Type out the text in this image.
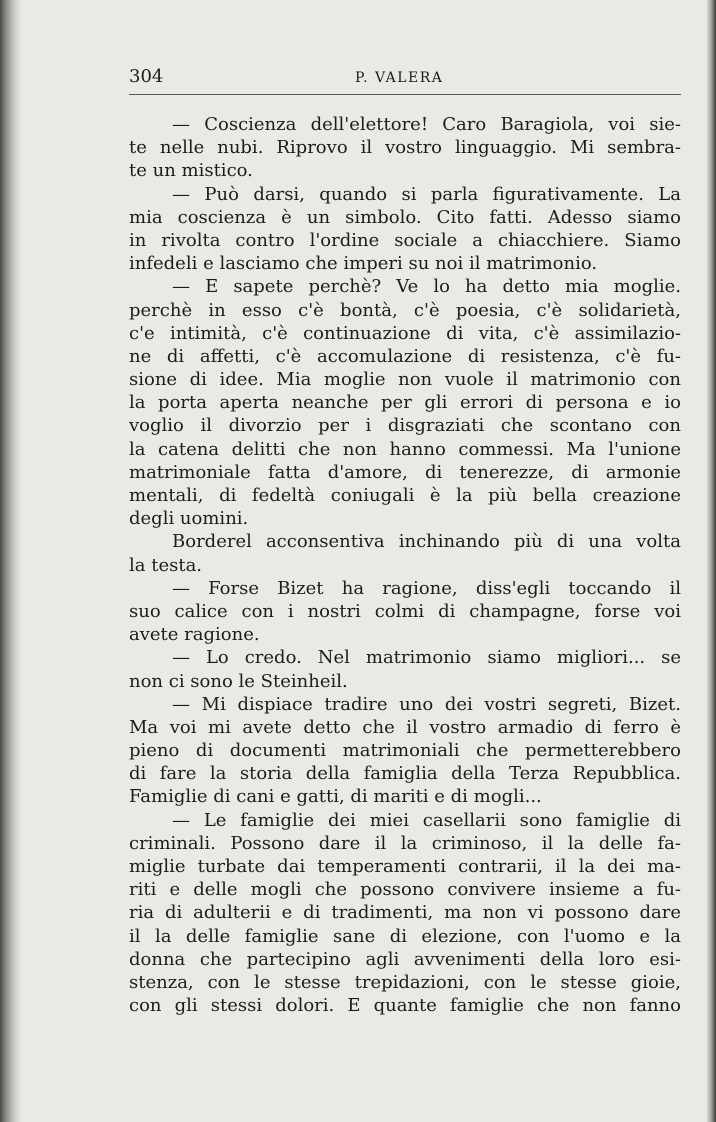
304	P. VALERA
— Coscienza dell'elettore! Caro Baragiola, voi sie-
te nelle nubi. Riprovo il vostro linguaggio. Mi sembra-
te un mistico.
— Può darsi, quando si parla figurativamente. La
mia coscienza è un simbolo. Cito fatti. Adesso siamo
in rivolta contro l'ordine sociale a chiacchiere. Siamo
infedeli e lasciamo che imperi su noi il matrimonio.
— E sapete perchè? Ve lo ha detto mia moglie.
perchè in esso c'è bontà, c'è poesia, c'è solidarietà,
c'e intimità, c'è continuazione di vita, c'è assimilazio-
ne di affetti, c'è accomulazione di resistenza, c'è fu-
sione di idee. Mia moglie non vuole il matrimonio con
la porta aperta neanche per gli errori di persona e io
voglio il divorzio per i disgraziati che scontano con
la catena delitti che non hanno commessi. Ma l'unione
matrimoniale fatta d'amore, di tenerezze, di armonie
mentali, di fedeltà coniugali è la più bella creazione
degli uomini.
Borderel acconsentiva inchinando più di una volta
la testa.
— Forse Bizet ha ragione, diss'egli toccando il
suo calice con i nostri colmi di champagne, forse voi
avete ragione.
— Lo credo. Nel matrimonio siamo migliori... se
non ci sono le Steinheil.
— Mi dispiace tradire uno dei vostri segreti, Bizet.
Ma voi mi avete detto che il vostro armadio di ferro è
pieno di documenti matrimoniali che permetterebbero
di fare la storia della famiglia della Terza Repubblica.
Famiglie di cani e gatti, di mariti e di mogli...
— Le famiglie dei miei casellarii sono famiglie di
criminali. Possono dare il la criminoso, il la delle fa-
miglie turbate dai temperamenti contrarii, il la dei ma-
riti e delle mogli che possono convivere insieme a fu-
ria di adulterii e di tradimenti, ma non vi possono dare
il la delle famiglie sane di elezione, con l'uomo e la
donna che partecipino agli avvenimenti della loro esi-
stenza, con le stesse trepidazioni, con le stesse gioie,
con gli stessi dolori. E quante famiglie che non fanno
